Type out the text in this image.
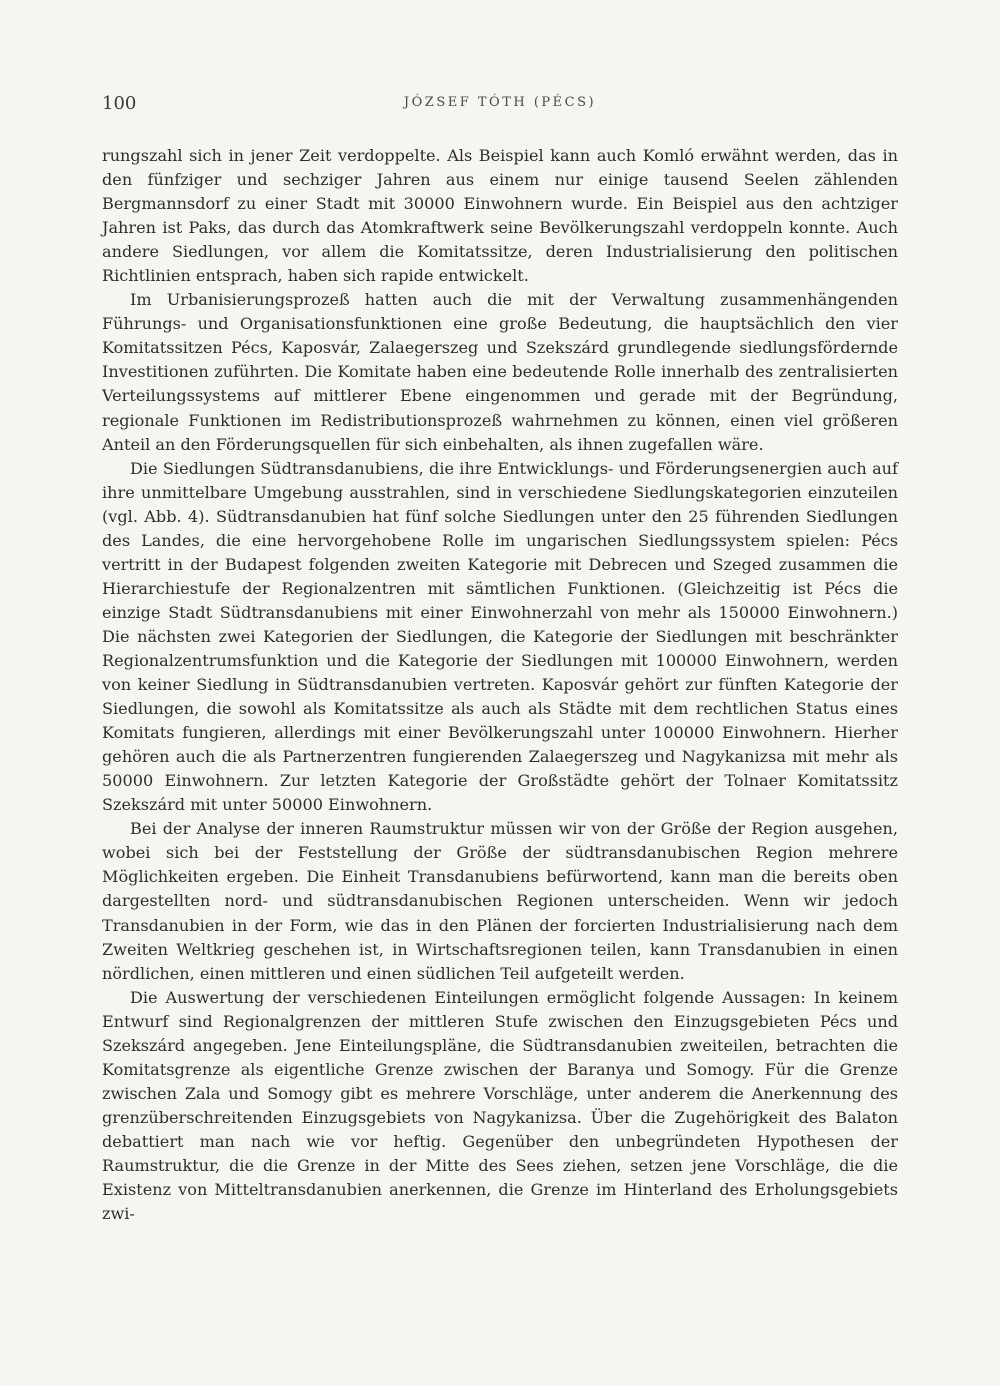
100	JÓZSEF TÓTH (PÉCS)

rungszahl sich in jener Zeit verdoppelte. Als Beispiel kann auch Komló erwähnt werden, das in den fünfziger und sechziger Jahren aus einem nur einige tausend Seelen zählenden Bergmannsdorf zu einer Stadt mit 30000 Einwohnern wurde. Ein Beispiel aus den achtziger Jahren ist Paks, das durch das Atomkraftwerk seine Bevölkerungszahl verdoppeln konnte. Auch andere Siedlungen, vor allem die Komitatssitze, deren Industrialisierung den politischen Richtlinien entsprach, haben sich rapide entwickelt.

Im Urbanisierungsprozeß hatten auch die mit der Verwaltung zusammenhängenden Führungs- und Organisationsfunktionen eine große Bedeutung, die hauptsächlich den vier Komitatssitzen Pécs, Kaposvár, Zalaegerszeg und Szekszárd grundlegende siedlungsfördernde Investitionen zuführten. Die Komitate haben eine bedeutende Rolle innerhalb des zentralisierten Verteilungssystems auf mittlerer Ebene eingenommen und gerade mit der Begründung, regionale Funktionen im Redistributionsprozeß wahrnehmen zu können, einen viel größeren Anteil an den Förderungsquellen für sich einbehalten, als ihnen zugefallen wäre.

Die Siedlungen Südtransdanubiens, die ihre Entwicklungs- und Förderungsenergien auch auf ihre unmittelbare Umgebung ausstrahlen, sind in verschiedene Siedlungskategorien einzuteilen (vgl. Abb. 4). Südtransdanubien hat fünf solche Siedlungen unter den 25 führenden Siedlungen des Landes, die eine hervorgehobene Rolle im ungarischen Siedlungssystem spielen: Pécs vertritt in der Budapest folgenden zweiten Kategorie mit Debrecen und Szeged zusammen die Hierarchiestufe der Regionalzentren mit sämtlichen Funktionen. (Gleichzeitig ist Pécs die einzige Stadt Südtransdanubiens mit einer Einwohnerzahl von mehr als 150000 Einwohnern.) Die nächsten zwei Kategorien der Siedlungen, die Kategorie der Siedlungen mit beschränkter Regionalzentrumsfunktion und die Kategorie der Siedlungen mit 100000 Einwohnern, werden von keiner Siedlung in Südtransdanubien vertreten. Kaposvár gehört zur fünften Kategorie der Siedlungen, die sowohl als Komitatssitze als auch als Städte mit dem rechtlichen Status eines Komitats fungieren, allerdings mit einer Bevölkerungszahl unter 100000 Einwohnern. Hierher gehören auch die als Partnerzentren fungierenden Zalaegerszeg und Nagykanizsa mit mehr als 50000 Einwohnern. Zur letzten Kategorie der Großstädte gehört der Tolnaer Komitatssitz Szekszárd mit unter 50000 Einwohnern.

Bei der Analyse der inneren Raumstruktur müssen wir von der Größe der Region ausgehen, wobei sich bei der Feststellung der Größe der südtransdanubischen Region mehrere Möglichkeiten ergeben. Die Einheit Transdanubiens befürwortend, kann man die bereits oben dargestellten nord- und südtransdanubischen Regionen unterscheiden. Wenn wir jedoch Transdanubien in der Form, wie das in den Plänen der forcierten Industrialisierung nach dem Zweiten Weltkrieg geschehen ist, in Wirtschaftsregionen teilen, kann Transdanubien in einen nördlichen, einen mittleren und einen südlichen Teil aufgeteilt werden.

Die Auswertung der verschiedenen Einteilungen ermöglicht folgende Aussagen: In keinem Entwurf sind Regionalgrenzen der mittleren Stufe zwischen den Einzugsgebieten Pécs und Szekszárd angegeben. Jene Einteilungspläne, die Südtransdanubien zweiteilen, betrachten die Komitatsgrenze als eigentliche Grenze zwischen der Baranya und Somogy. Für die Grenze zwischen Zala und Somogy gibt es mehrere Vorschläge, unter anderem die Anerkennung des grenzüberschreitenden Einzugsgebiets von Nagykanizsa. Über die Zugehörigkeit des Balaton debattiert man nach wie vor heftig. Gegenüber den unbegründeten Hypothesen der Raumstruktur, die die Grenze in der Mitte des Sees ziehen, setzen jene Vorschläge, die die Existenz von Mitteltransdanubien anerkennen, die Grenze im Hinterland des Erholungsgebiets zwi-
